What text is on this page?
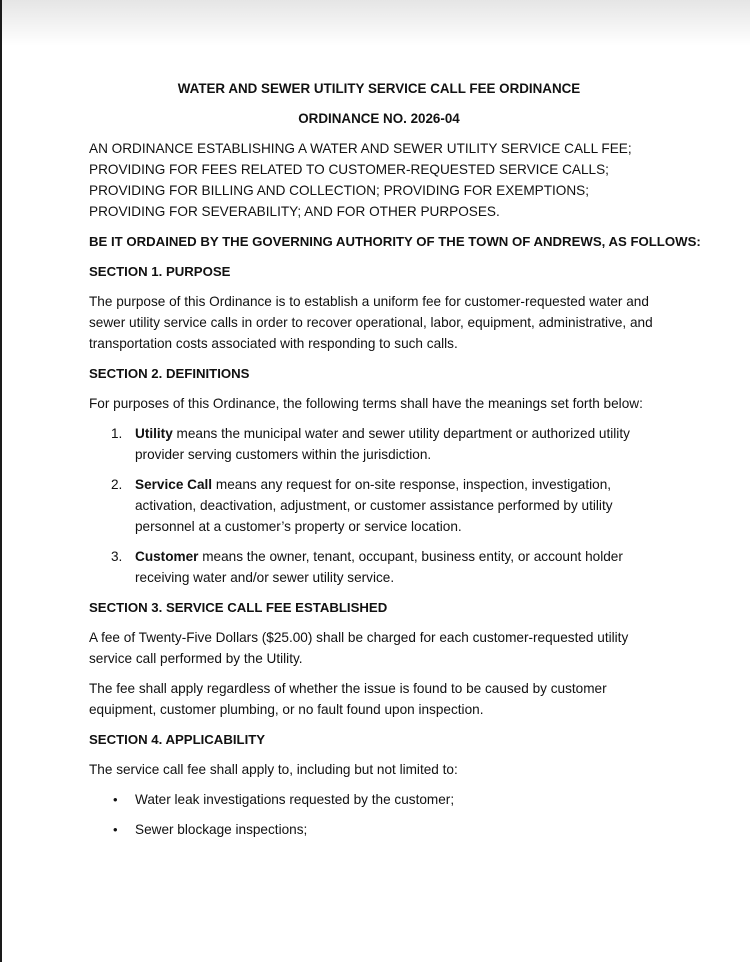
WATER AND SEWER UTILITY SERVICE CALL FEE ORDINANCE
ORDINANCE NO. 2026-04

AN ORDINANCE ESTABLISHING A WATER AND SEWER UTILITY SERVICE CALL FEE; PROVIDING FOR FEES RELATED TO CUSTOMER-REQUESTED SERVICE CALLS; PROVIDING FOR BILLING AND COLLECTION; PROVIDING FOR EXEMPTIONS; PROVIDING FOR SEVERABILITY; AND FOR OTHER PURPOSES.

BE IT ORDAINED BY THE GOVERNING AUTHORITY OF THE TOWN OF ANDREWS, AS FOLLOWS:
SECTION 1. PURPOSE

The purpose of this Ordinance is to establish a uniform fee for customer-requested water and sewer utility service calls in order to recover operational, labor, equipment, administrative, and transportation costs associated with responding to such calls.

SECTION 2. DEFINITIONS

For purposes of this Ordinance, the following terms shall have the meanings set forth below:

1. Utility means the municipal water and sewer utility department or authorized utility provider serving customers within the jurisdiction.
2. Service Call means any request for on-site response, inspection, investigation, activation, deactivation, adjustment, or customer assistance performed by utility personnel at a customer’s property or service location.
3. Customer means the owner, tenant, occupant, business entity, or account holder receiving water and/or sewer utility service.
SECTION 3. SERVICE CALL FEE ESTABLISHED

A fee of Twenty-Five Dollars ($25.00) shall be charged for each customer-requested utility service call performed by the Utility.

The fee shall apply regardless of whether the issue is found to be caused by customer equipment, customer plumbing, or no fault found upon inspection.

SECTION 4. APPLICABILITY

The service call fee shall apply to, including but not limited to:

• Water leak investigations requested by the customer;
• Sewer blockage inspections;
